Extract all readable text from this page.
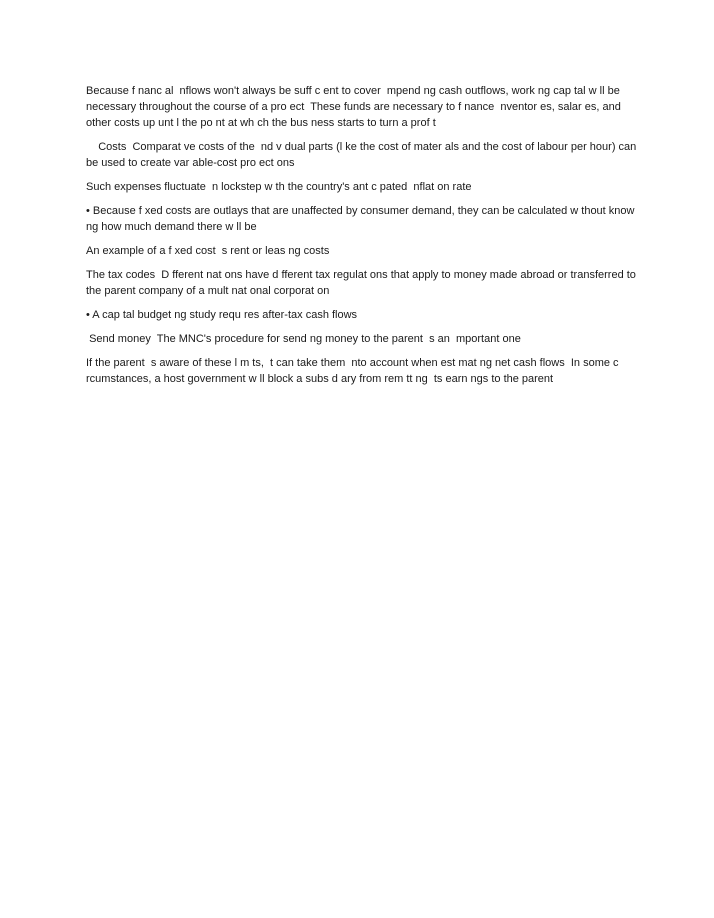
Because f nanc al  nflows won't always be suff c ent to cover  mpend ng cash outflows, work ng cap tal w ll be necessary throughout the course of a pro ect  These funds are necessary to f nance  nventor es, salar es, and other costs up unt l the po nt at wh ch the bus ness starts to turn a prof t

Costs  Comparat ve costs of the  nd v dual parts (l ke the cost of mater als and the cost of labour per hour) can be used to create var able-cost pro ect ons

Such expenses fluctuate  n lockstep w th the country's ant c pated  nflat on rate

• Because f xed costs are outlays that are unaffected by consumer demand, they can be calculated w thout know ng how much demand there w ll be

An example of a f xed cost  s rent or leas ng costs

The tax codes  D fferent nat ons have d fferent tax regulat ons that apply to money made abroad or transferred to the parent company of a mult nat onal corporat on

• A cap tal budget ng study requ res after-tax cash flows

Send money  The MNC's procedure for send ng money to the parent  s an  mportant one

If the parent  s aware of these l m ts,  t can take them  nto account when est mat ng net cash flows  In some c rcumstances, a host government w ll block a subs d ary from rem tt ng  ts earn ngs to the parent
